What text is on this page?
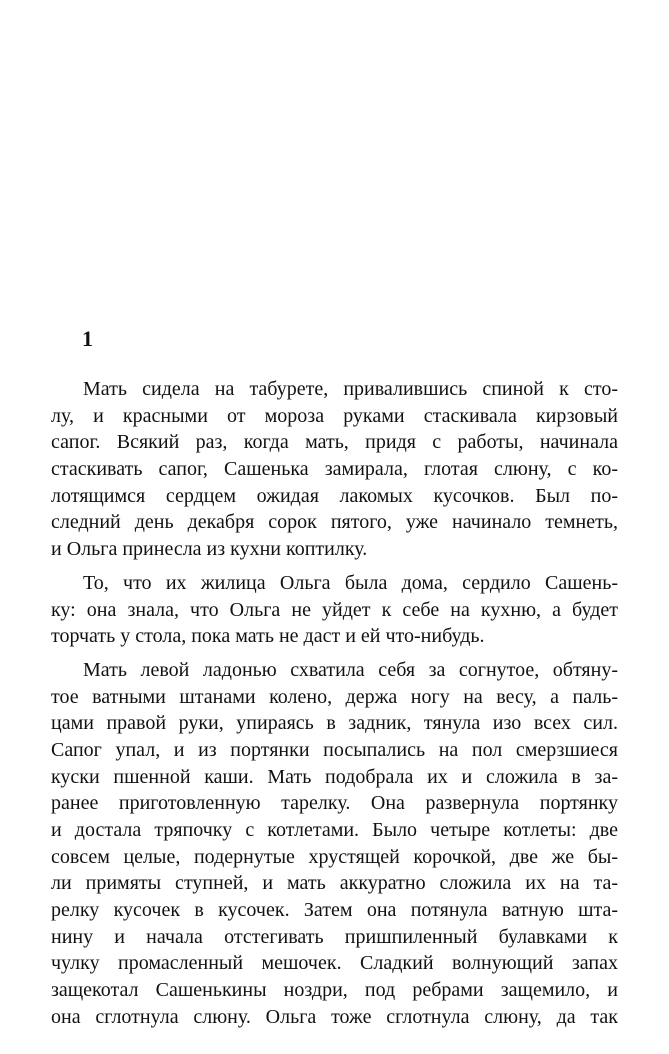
1
Мать сидела на табурете, привалившись спиной к сто-
лу, и красными от мороза руками стаскивала кирзовый
сапог. Всякий раз, когда мать, придя с работы, начинала
стаскивать сапог, Сашенька замирала, глотая слюну, с ко-
лотящимся сердцем ожидая лакомых кусочков. Был по-
следний день декабря сорок пятого, уже начинало темнеть,
и Ольга принесла из кухни коптилку.
То, что их жилица Ольга была дома, сердило Сашень-
ку: она знала, что Ольга не уйдет к себе на кухню, а будет
торчать у стола, пока мать не даст и ей что-нибудь.
Мать левой ладонью схватила себя за согнутое, обтяну-
тое ватными штанами колено, держа ногу на весу, а паль-
цами правой руки, упираясь в задник, тянула изо всех сил.
Сапог упал, и из портянки посыпались на пол смерзшиеся
куски пшенной каши. Мать подобрала их и сложила в за-
ранее приготовленную тарелку. Она развернула портянку
и достала тряпочку с котлетами. Было четыре котлеты: две
совсем целые, подернутые хрустящей корочкой, две же бы-
ли примяты ступней, и мать аккуратно сложила их на та-
релку кусочек в кусочек. Затем она потянула ватную шта-
нину и начала отстегивать пришпиленный булавками к
чулку промасленный мешочек. Сладкий волнующий запах
защекотал Сашенькины ноздри, под ребрами защемило, и
она сглотнула слюну. Ольга тоже сглотнула слюну, да так
